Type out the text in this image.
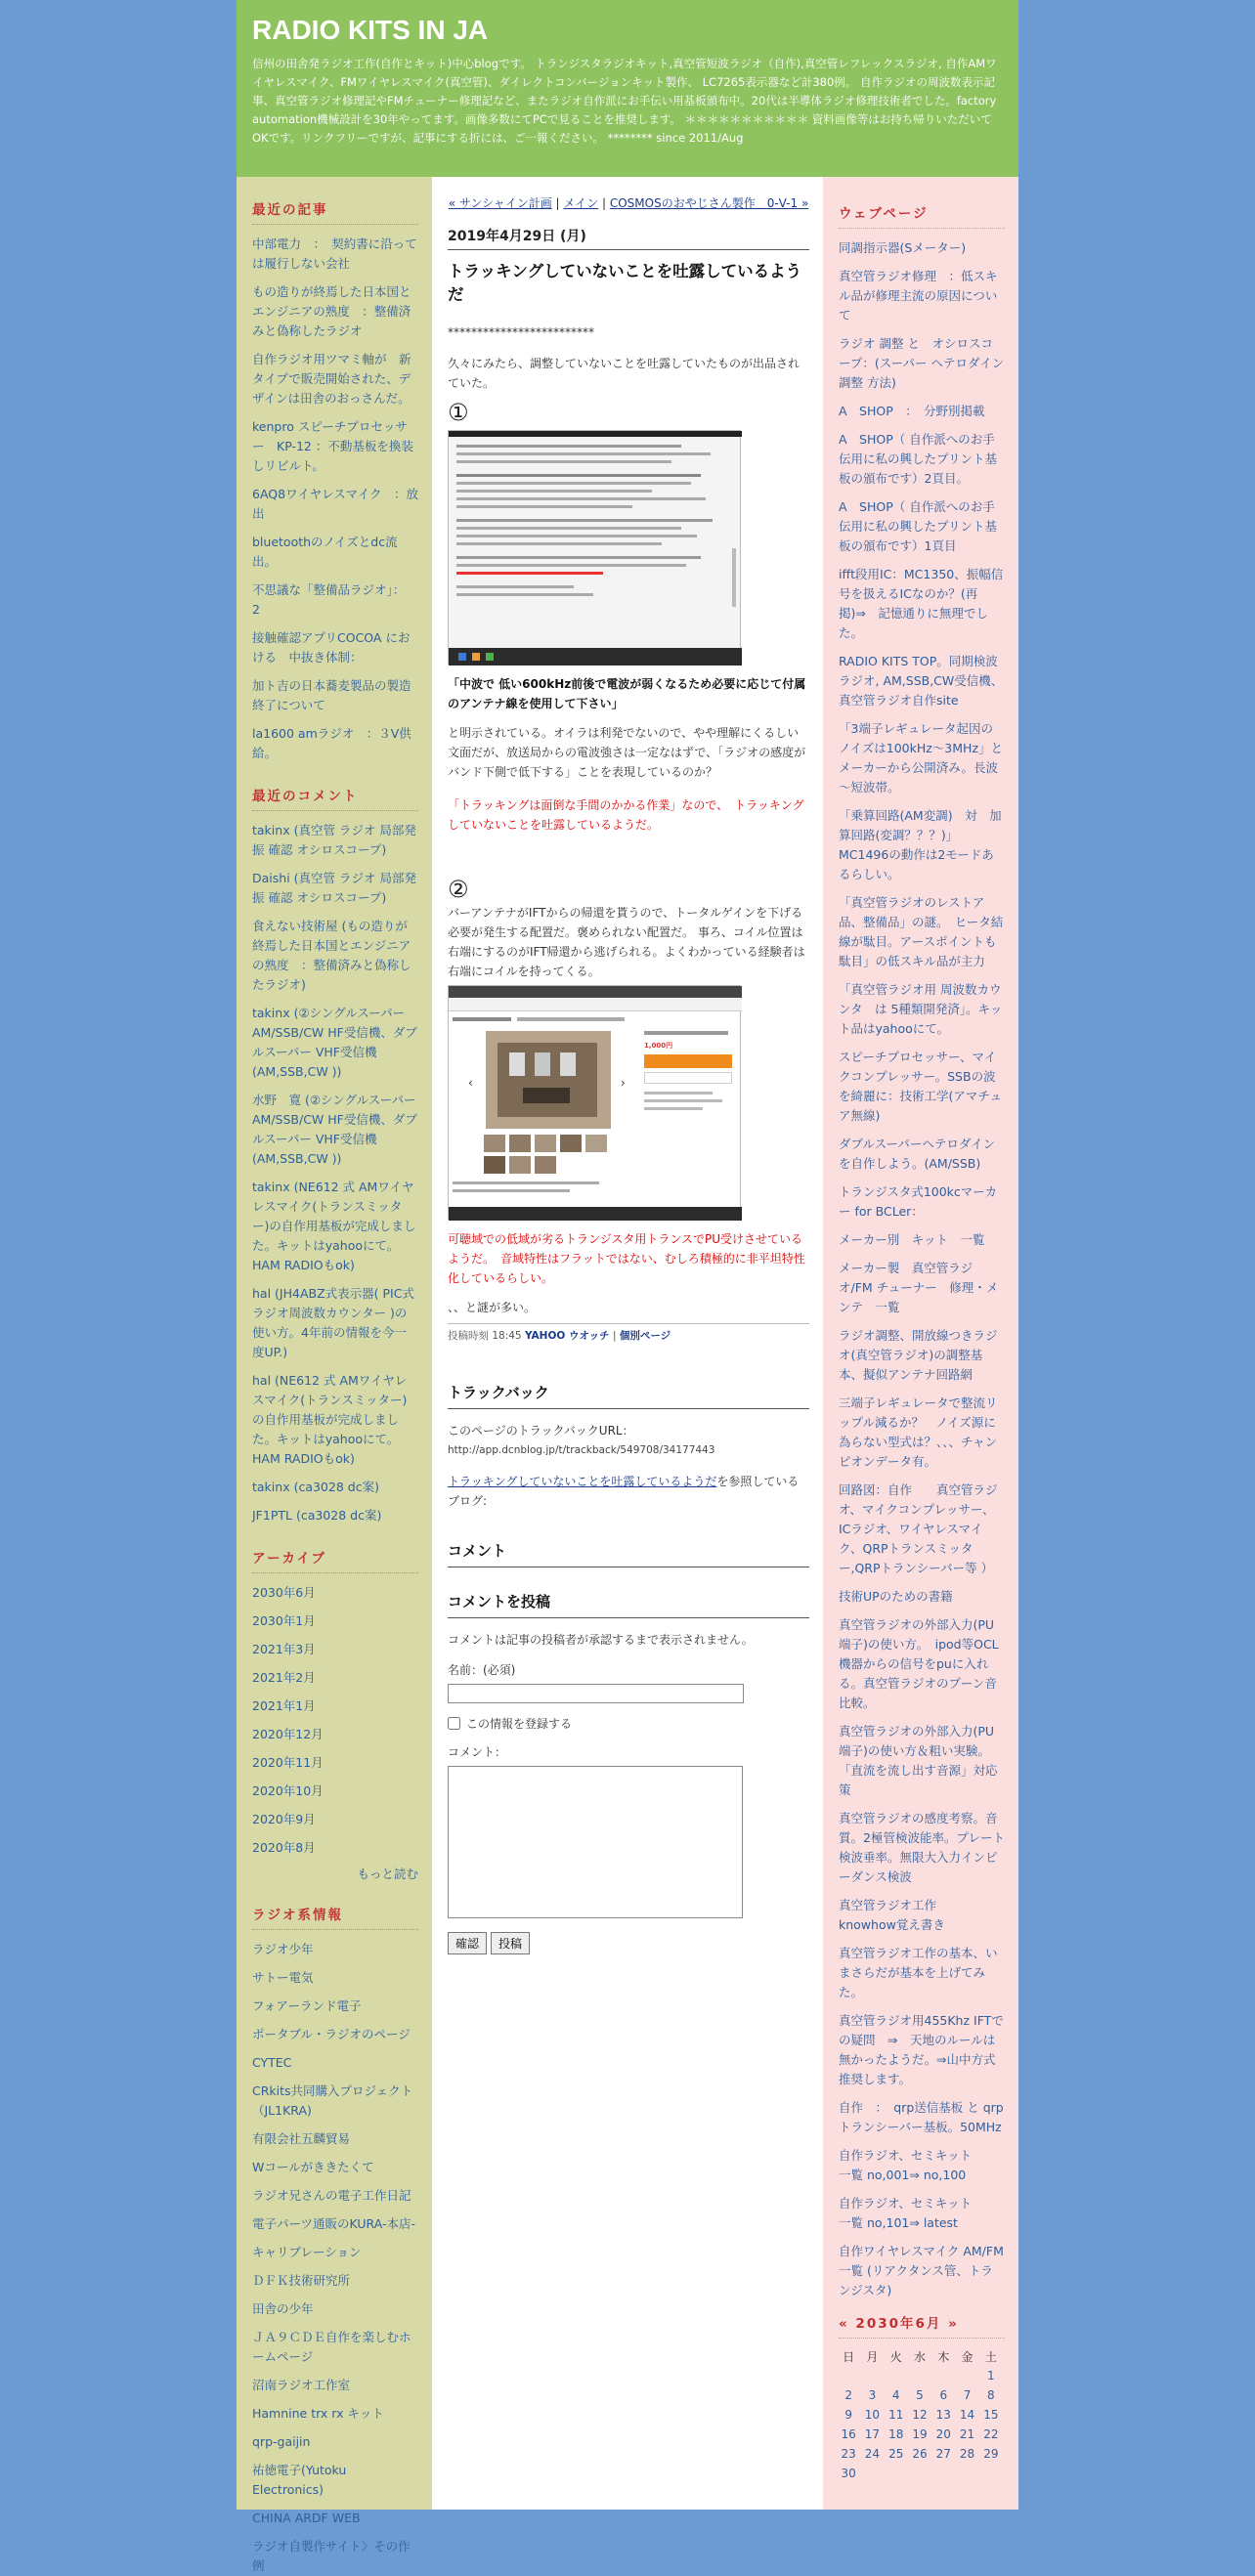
RADIO KITS IN JA
信州の田舎発ラジオ工作(自作とキット)中心blogです。 トランジスタラジオキット,真空管短波ラジオ（自作),真空管レフレックスラジオ, 自作AMワイヤレスマイク、FMワイヤレスマイク(真空管)、ダイレクトコンバージョンキット製作、 LC7265表示器など計380例。 自作ラジオの周波数表示記事、真空管ラジオ修理記やFMチューナー修理記など、またラジオ自作派にお手伝い用基板頒布中。20代は半導体ラジオ修理技術者でした。factory automation機械設計を30年やってます。画像多数にてPCで見ることを推奨します。 ＊＊＊＊＊＊＊＊＊＊＊ 資料画像等はお持ち帰りいただいてOKです。リンクフリーですが、記事にする折には、ご一報ください。 ******** since 2011/Aug
最近の記事
中部電力　：　契約書に沿っては履行しない会社
もの造りが終焉した日本国とエンジニアの熟度　：整備済みと偽称したラジオ
自作ラジオ用ツマミ軸が　新タイプで販売開始された、デザインは田舎のおっさんだ。
kenpro スピーチプロセッサー　KP-12 ：不動基板を換装しリビルト。
6AQ8ワイヤレスマイク　：放出
bluetoothのノイズとdc流出。
不思議な「整備品ラジオ」：　2
接触確認アプリCOCOA における　中抜き体制：
加ト吉の日本蕎麦製品の製造終了について
la1600 amラジオ　：３V供給。
最近のコメント
takinx (真空管 ラジオ 局部発振 確認 オシロスコープ)
Daishi (真空管 ラジオ 局部発振 確認 オシロスコープ)
食えない技術屋 (もの造りが終焉した日本国とエンジニアの熟度　：整備済みと偽称したラジオ)
takinx (②シングルスーパー AM/SSB/CW HF受信機、ダブルスーパー VHF受信機(AM,SSB,CW )​)
水野　寛 (②シングルスーパー AM/SSB/CW HF受信機、ダブルスーパー VHF受信機(AM,SSB,CW )​)
takinx (NE612 式 AMワイヤレスマイク(トランスミッター)の自作用基板が完成しました。キットはyahooにて。　HAM RADIOもok)
hal (JH4ABZ式表示器( PIC式ラジオ周波数カウンター )の使い方。4年前の情報を今一度UP.)
hal (NE612 式 AMワイヤレスマイク(トランスミッター)の自作用基板が完成しました。キットはyahooにて。　HAM RADIOもok)
takinx (ca3028 dc案)
JF1PTL (ca3028 dc案)
アーカイブ
2030年6月
2030年1月
2021年3月
2021年2月
2021年1月
2020年12月
2020年11月
2020年10月
2020年9月
2020年8月
もっと読む
ラジオ系情報
ラジオ少年
サトー電気
フォアーランド電子
ポータブル・ラジオのページ
CYTEC
CRkits共同購入プロジェクト（JL1KRA)
有限会社五麟貿易
Wコールがききたくて
ラジオ兄さんの電子工作日記
電子パーツ通販のKURA-本店-
キャリブレーション
ＤＦＫ技術研究所
田舎の少年
ＪＡ９ＣＤＥ自作を楽しむホームページ
沼南ラジオ工作室
Hamnine trx rx キット
qrp-gaijin
祐徳電子(Yutoku Electronics)
CHINA ARDF WEB
ラジオ自製作サイト〉その作例
« サンシャイン計画 | メイン | COSMOSのおやじさん製作　0-V-1 »
2019年4月29日 (月)
トラッキングしていないことを吐露しているようだ
*************************
久々にみたら、調整していないことを吐露していたものが出品されていた。
①
「中波で 低い600kHz前後で電波が弱くなるため必要に応じて付属のアンテナ線を使用して下さい」
と明示されている。オイラは利発でないので、やや理解にくるしい文面だが、放送局からの電波強さは一定なはずで、「ラジオの感度がバンド下側で低下する」ことを表現しているのか？
「トラッキングは面倒な手間のかかる作業」なので、　トラッキングしていないことを吐露しているようだ。
②
バーアンテナがIFTからの帰還を貰うので、トータルゲインを下げる必要が発生する配置だ。褒められない配置だ。 事ろ、コイル位置は右端にするのがIFT帰還から逃げられる。よくわかっている経験者は右端にコイルを持ってくる。
‹	›
1,000円
可聴域での低域が劣るトランジスタ用トランスでPU受けさせているようだ。　音域特性はフラットではない、むしろ積極的に非平坦特性化しているらしい。
、、と謎が多い。
投稿時刻 18:45 YAHOO ウオッチ | 個別ページ
トラックバック
このページのトラックバックURL：
http://app.dcnblog.jp/t/trackback/549708/34177443
トラッキングしていないことを吐露しているようだを参照しているブログ:
コメント
コメントを投稿
コメントは記事の投稿者が承認するまで表示されません。
名前：(必須)
この情報を登録する
コメント：
確認 投稿
ウェブページ
同調指示器(Sメーター)
真空管ラジオ修理　：低スキル品が修理主流の原因について
ラジオ 調整 と　オシロスコープ：(スーパー ヘテロダイン 調整 方法)
A　SHOP　：　分野別掲載
A　SHOP（ 自作派へのお手伝用に私の興したプリント基板の頒布です）2頁目。
A　SHOP（ 自作派へのお手伝用に私の興したプリント基板の頒布です）1頁目
ifft段用IC：MC1350、振幅信号を扱えるICなのか？(再掲)⇒　記憶通りに無理でした。
RADIO KITS TOP。同期検波ラジオ, AM,SSB,CW受信機、真空管ラジオ自作site
「3端子レギュレータ起因のノイズは100kHz～3MHz」とメーカーから公開済み。長波～短波帯。
「乗算回路(AM変調)　対　加算回路(変調？？？)」 MC1496の動作は2モードあるらしい。
「真空管ラジオのレストア品、整備品」の謎。　ヒータ結線が駄目。アースポイントも駄目」の低スキル品が主力
「真空管ラジオ用 周波数カウンタ　は 5種類開発済」。キット品はyahooにて。
スピーチプロセッサー、マイクコンプレッサー。SSBの波を綺麗に：技術工学(アマチュア無線)
ダブルスーパーヘテロダインを自作しよう。(AM/SSB)
トランジスタ式100kcマーカー for BCLer：
メーカー別　キット　一覧
メーカー製　真空管ラジオ/FM チューナー　修理・メンテ　一覧
ラジオ調整、開放線つきラジオ(真空管ラジオ)の調整基本、擬似アンテナ回路網
三端子レギュレータで整流リップル減るか？　ノイズ源に為らない型式は？、、、チャンピオンデータ有。
回路図：自作　　真空管ラジオ、マイクコンプレッサー、ICラジオ、ワイヤレスマイク、QRPトランスミッター,QRPトランシーバー等 ）
技術UPのための書籍
真空管ラジオの外部入力(PU端子)の使い方。　ipod等OCL機器からの信号をpuに入れる。真空管ラジオのプーン音比較。
真空管ラジオの外部入力(PU端子)の使い方＆粗い実験。「直流を流し出す音源」対応策
真空管ラジオの感度考察。音質。2極管検波能率。プレート検波垂率。無限大入力インピーダンス検波
真空管ラジオ工作　knowhow覚え書き
真空管ラジオ工作の基本、いまさらだが基本を上げてみた。
真空管ラジオ用455Khz IFTでの疑問　⇒　天地のルールは無かったようだ。⇒山中方式推奨します。
自作　：　qrp送信基板 と qrp トランシーバー基板。50MHz
自作ラジオ、セミキット　　　　一覧 no,001⇒ no,100
自作ラジオ、セミキット　　　　一覧 no,101⇒ latest
自作ワイヤレスマイク AM/FM 一覧 (リアクタンス管、トランジスタ)
« 2030年6月 »
日	月	火	水	木	金	土
						1
2	3	4	5	6	7	8
9	10	11	12	13	14	15
16	17	18	19	20	21	22
23	24	25	26	27	28	29
30						
